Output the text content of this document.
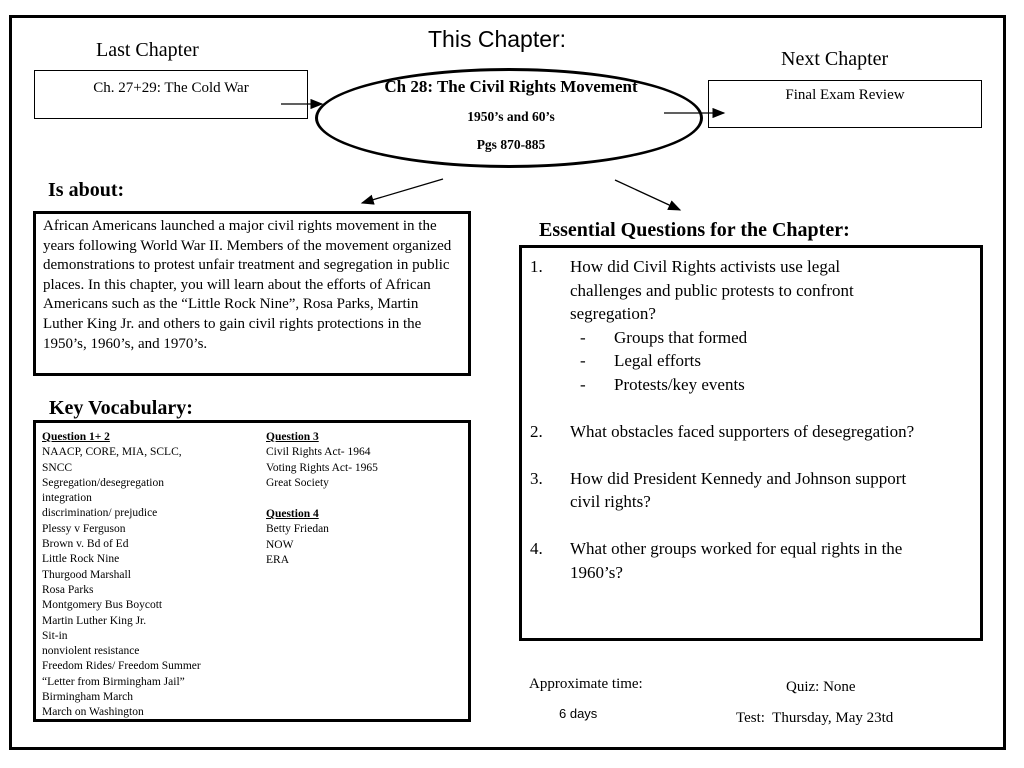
This Chapter:
Last Chapter
Ch. 27+29: The Cold War
Next Chapter
Final Exam Review
Ch 28: The Civil Rights Movement
1950’s and 60’s
Pgs 870-885
Is about:
African Americans launched a major civil rights movement in the years following World War II. Members of the movement organized demonstrations to protest unfair treatment and segregation in public places. In this chapter, you will learn about the efforts of African Americans such as the “Little Rock Nine”, Rosa Parks, Martin Luther King Jr. and others to gain civil rights protections in the 1950’s, 1960’s, and 1970’s.
Key Vocabulary:
Question 1+ 2
NAACP, CORE, MIA, SCLC,
SNCC
Segregation/desegregation
integration
discrimination/ prejudice
Plessy v Ferguson
Brown v. Bd of Ed
Little Rock Nine
Thurgood Marshall
Rosa Parks
Montgomery Bus Boycott
Martin Luther King Jr.
Sit-in
nonviolent resistance
Freedom Rides/ Freedom Summer
“Letter from Birmingham Jail”
Birmingham March
March on Washington
Question 3
Civil Rights Act- 1964
Voting Rights Act- 1965
Great Society
Question 4
Betty Friedan
NOW
ERA
Essential Questions for the Chapter:
1. How did Civil Rights activists use legal
challenges and public protests to confront
segregation?
- Groups that formed
- Legal efforts
- Protests/key events
2. What obstacles faced supporters of desegregation?
3. How did President Kennedy and Johnson support
civil rights?
4. What other groups worked for equal rights in the
1960’s?
Approximate time:
6 days
Quiz: None
Test:  Thursday, May 23td
